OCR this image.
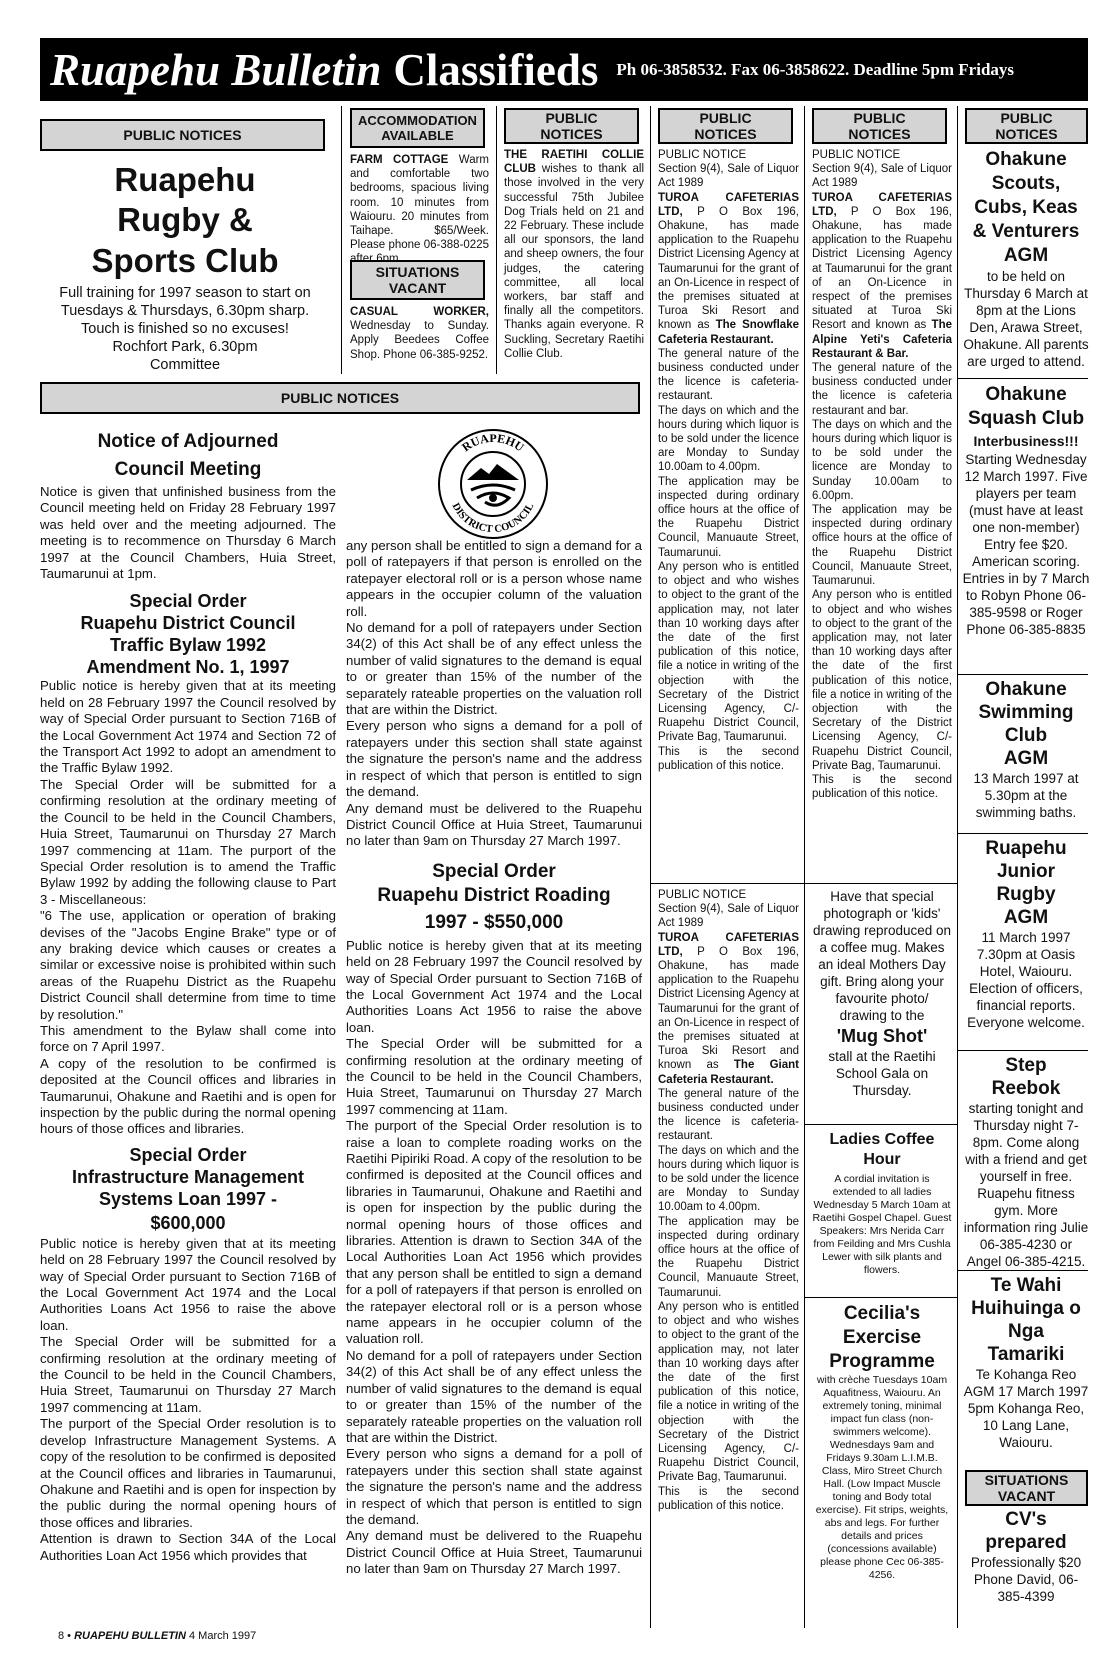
Ruapehu Bulletin Classifieds	Ph 06-3858532. Fax 06-3858622. Deadline 5pm Fridays
PUBLIC NOTICES
Ruapehu
Rugby &
Sports Club
Full training for 1997 season to start on
Tuesdays & Thursdays, 6.30pm sharp.
Touch is finished so no excuses!
Rochfort Park, 6.30pm
Committee
ACCOMMODATION
AVAILABLE
FARM COTTAGE Warm and comfortable two bedrooms, spacious living room. 10 minutes from Waiouru. 20 minutes from Taihape. $65/Week. Please phone 06-388-0225
SITUATIONS
VACANT
CASUAL WORKER, Wednesday to Sunday. Apply Beedees Coffee Shop. Phone 06-385-9252.
PUBLIC
NOTICES
THE RAETIHI COLLIE CLUB wishes to thank all those involved in the very successful 75th Jubilee Dog Trials held on 21 and 22 February. These include all our sponsors, the land and sheep owners, the four judges, the catering committee, all local workers, bar staff and finally all the competitors. Thanks again everyone. R Suckling, Secretary Raetihi Collie Club.
PUBLIC NOTICES
Notice of Adjourned
Council Meeting

Notice is given that unfinished business from the Council meeting held on Friday 28 February 1997 was held over and the meeting adjourned. The meeting is to recommence on Thursday 6 March 1997 at the Council Chambers, Huia Street, Taumarunui at 1pm.

Special Order
Ruapehu District Council
Traffic Bylaw 1992
Amendment No. 1, 1997

Public notice is hereby given that at its meeting held on 28 February 1997 the Council resolved by way of Special Order pursuant to Section 716B of the Local Government Act 1974 and Section 72 of the Transport Act 1992 to adopt an amendment to the Traffic Bylaw 1992.

The Special Order will be submitted for a confirming resolution at the ordinary meeting of the Council to be held in the Council Chambers, Huia Street, Taumarunui on Thursday 27 March 1997 commencing at 11am. The purport of the Special Order resolution is to amend the Traffic Bylaw 1992 by adding the following clause to Part 3 - Miscellaneous:

"6 The use, application or operation of braking devises of the "Jacobs Engine Brake" type or of any braking device which causes or creates a similar or excessive noise is prohibited within such areas of the Ruapehu District as the Ruapehu District Council shall determine from time to time by resolution."

This amendment to the Bylaw shall come into force on 7 April 1997.

A copy of the resolution to be confirmed is deposited at the Council offices and libraries in Taumarunui, Ohakune and Raetihi and is open for inspection by the public during the normal opening hours of those offices and libraries.

Special Order
Infrastructure Management
Systems Loan 1997 -
$600,000

Public notice is hereby given that at its meeting held on 28 February 1997 the Council resolved by way of Special Order pursuant to Section 716B of the Local Government Act 1974 and the Local Authorities Loans Act 1956 to raise the above loan.

The Special Order will be submitted for a confirming resolution at the ordinary meeting of the Council to be held in the Council Chambers, Huia Street, Taumarunui on Thursday 27 March 1997 commencing at 11am.

The purport of the Special Order resolution is to develop Infrastructure Management Systems. A copy of the resolution to be confirmed is deposited at the Council offices and libraries in Taumarunui, Ohakune and Raetihi and is open for inspection by the public during the normal opening hours of those offices and libraries.

Attention is drawn to Section 34A of the Local Authorities Loan Act 1956 which provides that

RUAPEHU
DISTRICT COUNCIL

any person shall be entitled to sign a demand for a poll of ratepayers if that person is enrolled on the ratepayer electoral roll or is a person whose name appears in the occupier column of the valuation roll.

No demand for a poll of ratepayers under Section 34(2) of this Act shall be of any effect unless the number of valid signatures to the demand is equal to or greater than 15% of the number of the separately rateable properties on the valuation roll that are within the District.

Every person who signs a demand for a poll of ratepayers under this section shall state against the signature the person's name and the address in respect of which that person is entitled to sign the demand.

Any demand must be delivered to the Ruapehu District Council Office at Huia Street, Taumarunui no later than 9am on Thursday 27 March 1997.

Special Order
Ruapehu District Roading
1997 - $550,000

Public notice is hereby given that at its meeting held on 28 February 1997 the Council resolved by way of Special Order pursuant to Section 716B of the Local Government Act 1974 and the Local Authorities Loans Act 1956 to raise the above loan.

The Special Order will be submitted for a confirming resolution at the ordinary meeting of the Council to be held in the Council Chambers, Huia Street, Taumarunui on Thursday 27 March 1997 commencing at 11am.

The purport of the Special Order resolution is to raise a loan to complete roading works on the Raetihi Pipiriki Road. A copy of the resolution to be confirmed is deposited at the Council offices and libraries in Taumarunui, Ohakune and Raetihi and is open for inspection by the public during the normal opening hours of those offices and libraries. Attention is drawn to Section 34A of the Local Authorities Loan Act 1956 which provides that any person shall be entitled to sign a demand for a poll of ratepayers if that person is enrolled on the ratepayer electoral roll or is a person whose name appears in he occupier column of the valuation roll.

No demand for a poll of ratepayers under Section 34(2) of this Act shall be of any effect unless the number of valid signatures to the demand is equal to or greater than 15% of the number of the separately rateable properties on the valuation roll that are within the District.

Every person who signs a demand for a poll of ratepayers under this section shall state against the signature the person's name and the address in respect of which that person is entitled to sign the demand.

Any demand must be delivered to the Ruapehu District Council Office at Huia Street, Taumarunui no later than 9am on Thursday 27 March 1997.

PUBLIC
NOTICES
PUBLIC NOTICE
Section 9(4), Sale of Liquor Act 1989

TUROA CAFETERIAS LTD, P O Box 196, Ohakune, has made application to the Ruapehu District Licensing Agency at Taumarunui for the grant of an On-Licence in respect of the premises situated at Turoa Ski Resort and known as The Snowflake Cafeteria Restaurant.

The general nature of the business conducted under the licence is cafeteria-restaurant.

The days on which and the hours during which liquor is to be sold under the licence are Monday to Sunday 10.00am to 4.00pm.

The application may be inspected during ordinary office hours at the office of the Ruapehu District Council, Manuaute Street, Taumarunui.

Any person who is entitled to object and who wishes to object to the grant of the application may, not later than 10 working days after the date of the first publication of this notice, file a notice in writing of the objection with the Secretary of the District Licensing Agency, C/- Ruapehu District Council, Private Bag, Taumarunui.

This is the second publication of this notice.

PUBLIC NOTICE
Section 9(4), Sale of Liquor Act 1989

TUROA CAFETERIAS LTD, P O Box 196, Ohakune, has made application to the Ruapehu District Licensing Agency at Taumarunui for the grant of an On-Licence in respect of the premises situated at Turoa Ski Resort and known as The Giant Cafeteria Restaurant.

The general nature of the business conducted under the licence is cafeteria-restaurant.

The days on which and the hours during which liquor is to be sold under the licence are Monday to Sunday 10.00am to 4.00pm.

The application may be inspected during ordinary office hours at the office of the Ruapehu District Council, Manuaute Street, Taumarunui.

Any person who is entitled to object and who wishes to object to the grant of the application may, not later than 10 working days after the date of the first publication of this notice, file a notice in writing of the objection with the Secretary of the District Licensing Agency, C/- Ruapehu District Council, Private Bag, Taumarunui.

This is the second publication of this notice.

PUBLIC
NOTICES
PUBLIC NOTICE
Section 9(4), Sale of Liquor Act 1989

TUROA CAFETERIAS LTD, P O Box 196, Ohakune, has made application to the Ruapehu District Licensing Agency at Taumarunui for the grant of an On-Licence in respect of the premises situated at Turoa Ski Resort and known as The Alpine Yeti's Cafeteria Restaurant & Bar.

The general nature of the business conducted under the licence is cafeteria restaurant and bar.

The days on which and the hours during which liquor is to be sold under the licence are Monday to Sunday 10.00am to 6.00pm.

The application may be inspected during ordinary office hours at the office of the Ruapehu District Council, Manuaute Street, Taumarunui.

Any person who is entitled to object and who wishes to object to the grant of the application may, not later than 10 working days after the date of the first publication of this notice, file a notice in writing of the objection with the Secretary of the District Licensing Agency, C/- Ruapehu District Council, Private Bag, Taumarunui.

This is the second publication of this notice.

Have that special photograph or 'kids' drawing reproduced on a coffee mug. Makes an ideal Mothers Day gift. Bring along your favourite photo/ drawing to the

'Mug Shot'

stall at the Raetihi School Gala on Thursday.

Ladies Coffee Hour

A cordial invitation is extended to all ladies Wednesday 5 March 10am at Raetihi Gospel Chapel. Guest Speakers: Mrs Nerida Carr from Feilding and Mrs Cushla Lewer with silk plants and flowers.

Cecilia's
Exercise
Programme

with crèche Tuesdays 10am Aquafitness, Waiouru. An extremely toning, minimal impact fun class (non-swimmers welcome). Wednesdays 9am and Fridays 9.30am L.I.M.B. Class, Miro Street Church Hall. (Low Impact Muscle toning and Body total exercise). Fit strips, weights, abs and legs. For further details and prices (concessions available) please phone Cec 06-385-4256.

PUBLIC
NOTICES
Ohakune
Scouts,
Cubs, Keas
& Venturers
AGM

to be held on Thursday 6 March at 8pm at the Lions Den, Arawa Street, Ohakune. All parents are urged to attend.

Ohakune
Squash Club
Interbusiness!!!

Starting Wednesday 12 March 1997. Five players per team (must have at least one non-member) Entry fee $20. American scoring. Entries in by 7 March to Robyn Phone 06-385-9598 or Roger Phone 06-385-8835

Ohakune
Swimming
Club
AGM

13 March 1997 at 5.30pm at the swimming baths.

Ruapehu
Junior
Rugby
AGM

11 March 1997 7.30pm at Oasis Hotel, Waiouru. Election of officers, financial reports. Everyone welcome.

Step
Reebok

starting tonight and Thursday night 7-8pm. Come along with a friend and get yourself in free. Ruapehu fitness gym. More information ring Julie 06-385-4230 or Angel 06-385-4215.

Te Wahi
Huihuinga o
Nga
Tamariki

Te Kohanga Reo AGM 17 March 1997 5pm Kohanga Reo, 10 Lang Lane, Waiouru.

SITUATIONS
VACANT
CV's
prepared

Professionally $20 Phone David, 06-385-4399

8 • RUAPEHU BULLETIN 4 March 1997
